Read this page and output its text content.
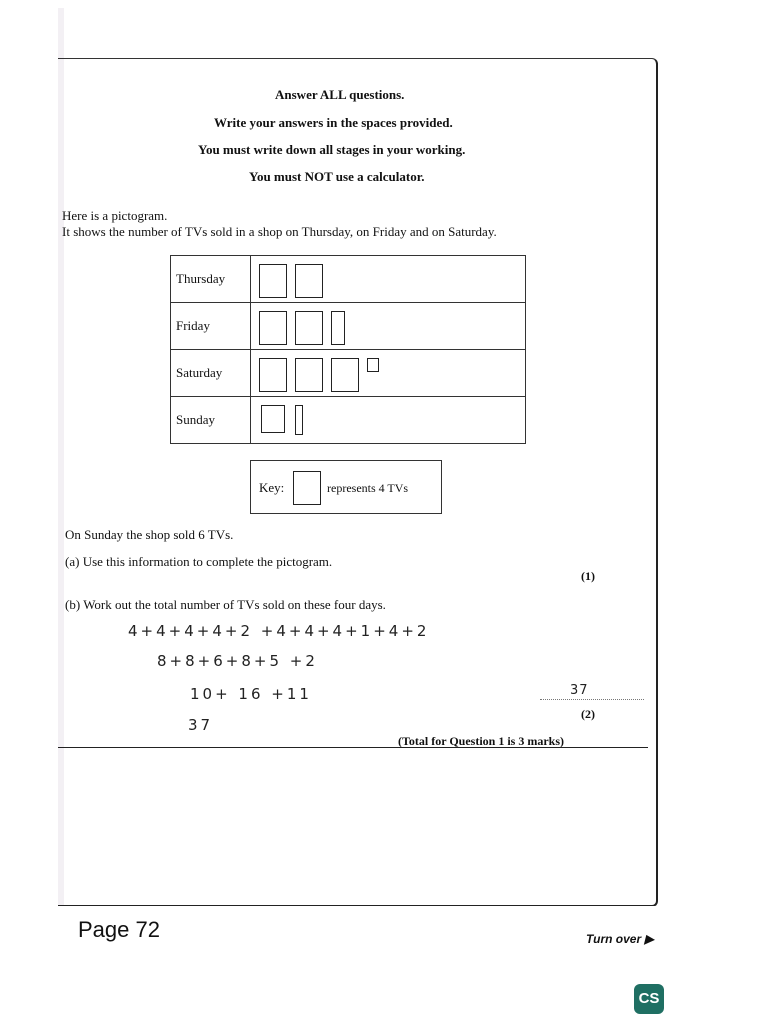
Answer ALL questions.
Write your answers in the spaces provided.
You must write down all stages in your working.
You must NOT use a calculator.
Here is a pictogram.
It shows the number of TVs sold in a shop on Thursday, on Friday and on Saturday.
Thursday	

Friday	

Saturday	

Sunday	
Key:	represents 4 TVs
On Sunday the shop sold 6 TVs.
(a) Use this information to complete the pictogram.
(1)
(b) Work out the total number of TVs sold on these four days.
4+4+4+4+2 +4+4+4+1+4+2
8+8+6+8+5 +2
10+ 16 +11
37
37
(2)
(Total for Question 1 is 3 marks)
Page 72	Turn over ▶
CS
